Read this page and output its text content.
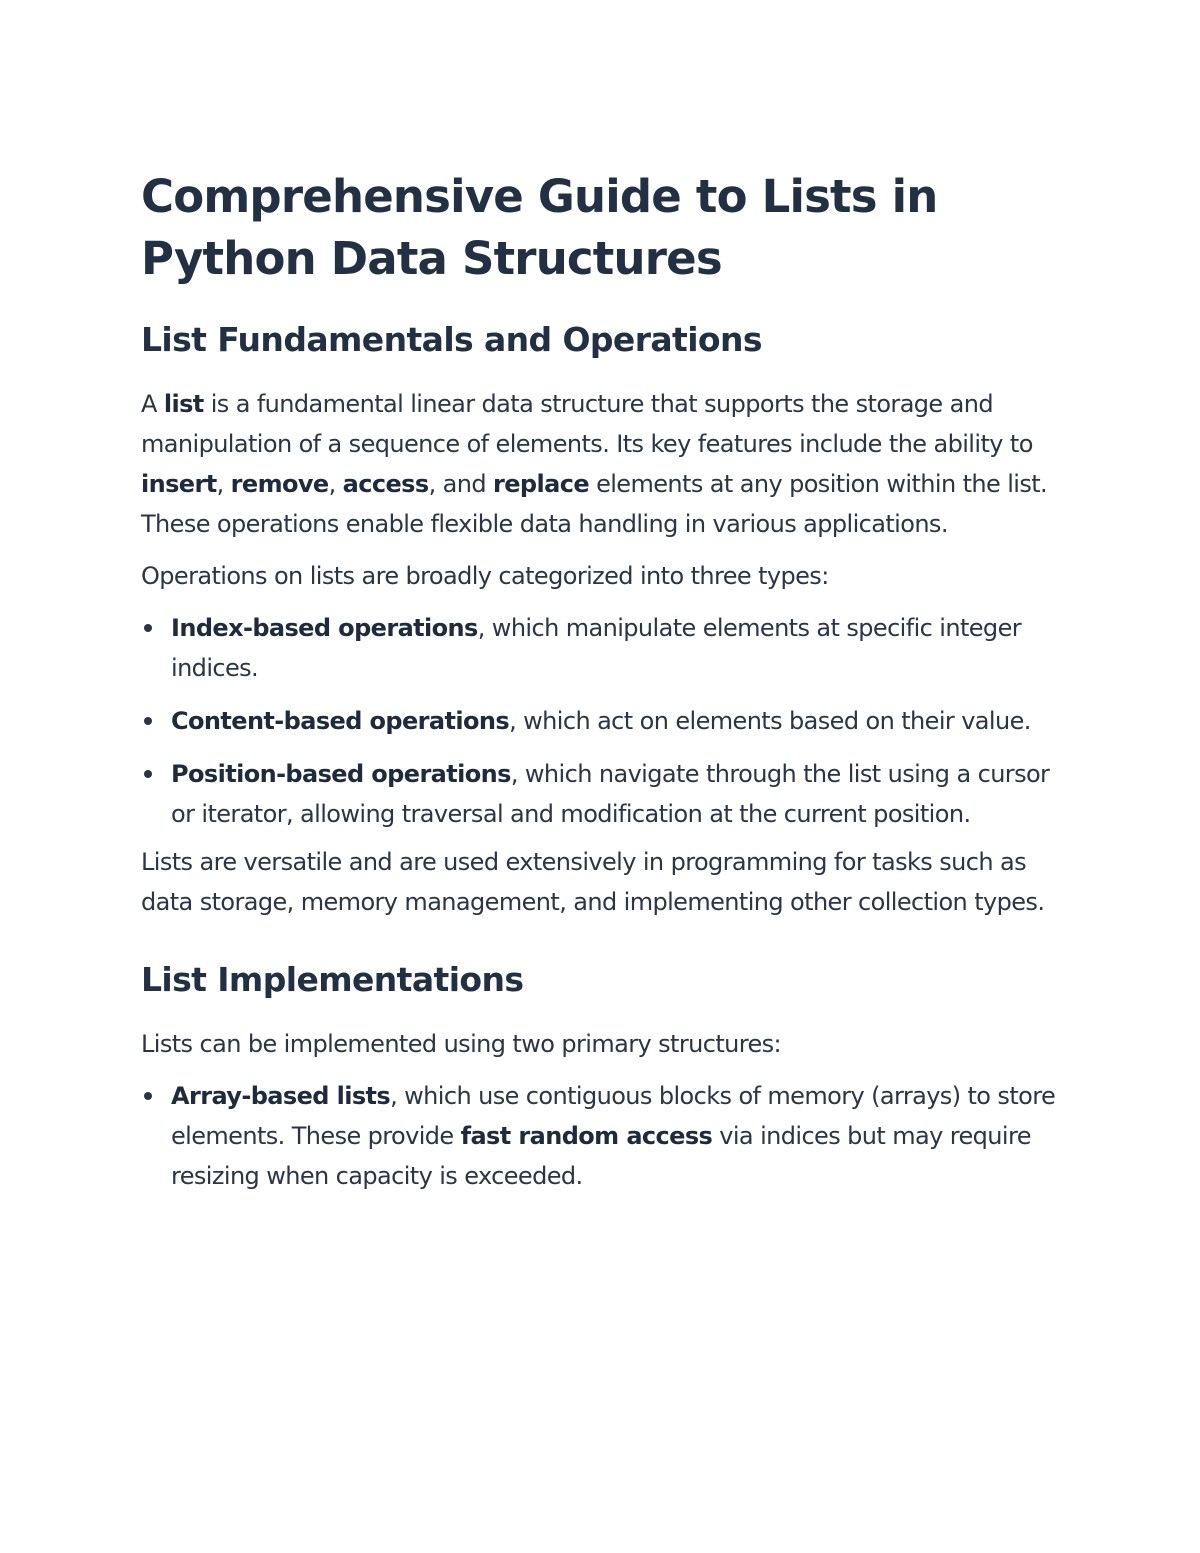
Comprehensive Guide to Lists in Python Data Structures
List Fundamentals and Operations

A list is a fundamental linear data structure that supports the storage and manipulation of a sequence of elements. Its key features include the ability to insert, remove, access, and replace elements at any position within the list. These operations enable flexible data handling in various applications.

Operations on lists are broadly categorized into three types:

Index-based operations, which manipulate elements at specific integer indices.
Content-based operations, which act on elements based on their value.
Position-based operations, which navigate through the list using a cursor or iterator, allowing traversal and modification at the current position.

Lists are versatile and are used extensively in programming for tasks such as data storage, memory management, and implementing other collection types.

List Implementations

Lists can be implemented using two primary structures:

Array-based lists, which use contiguous blocks of memory (arrays) to store elements. These provide fast random access via indices but may require resizing when capacity is exceeded.
